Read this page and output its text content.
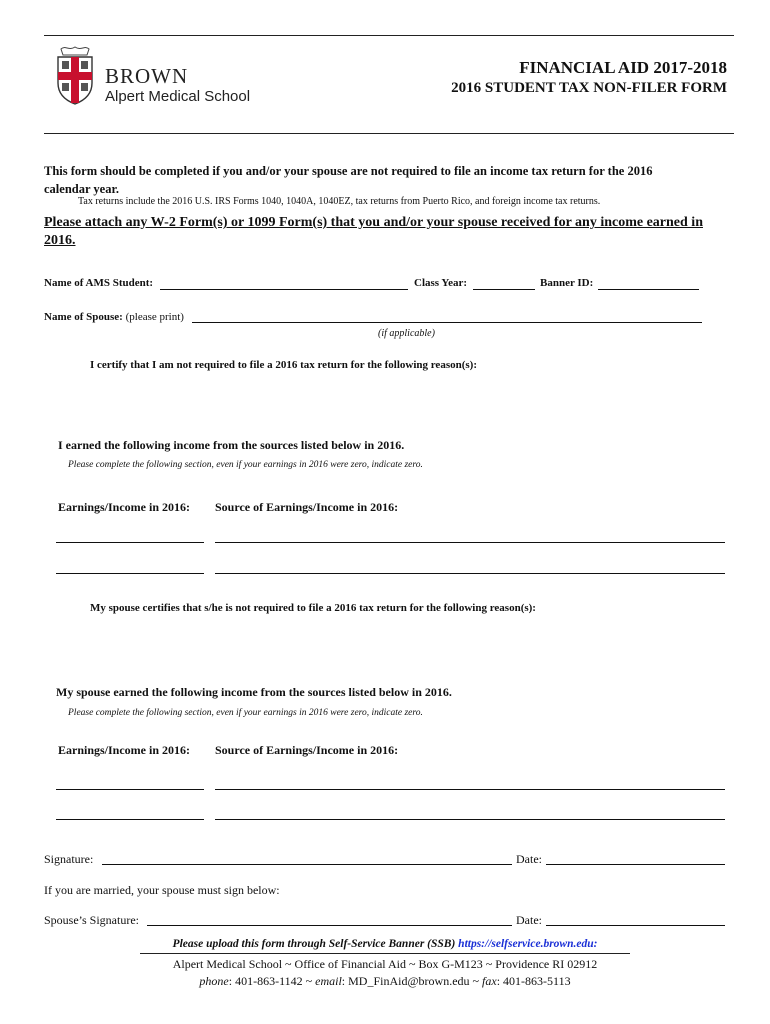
BROWN
Alpert Medical School
FINANCIAL AID 2017-2018
2016 STUDENT TAX NON-FILER FORM
This form should be completed if you and/or your spouse are not required to file an income tax return for the 2016 calendar year.
Tax returns include the 2016 U.S. IRS Forms 1040, 1040A, 1040EZ, tax returns from Puerto Rico, and foreign income tax returns.
Please attach any W-2 Form(s) or 1099 Form(s) that you and/or your spouse received for any income earned in 2016.
Name of AMS Student:	Class Year:	Banner ID:
Name of Spouse: (please print)
(if applicable)
I certify that I am not required to file a 2016 tax return for the following reason(s):
I earned the following income from the sources listed below in 2016.
Please complete the following section, even if your earnings in 2016 were zero, indicate zero.
Earnings/Income in 2016: Source of Earnings/Income in 2016:
My spouse certifies that s/he is not required to file a 2016 tax return for the following reason(s):
My spouse earned the following income from the sources listed below in 2016.
Please complete the following section, even if your earnings in 2016 were zero, indicate zero.
Earnings/Income in 2016: Source of Earnings/Income in 2016:
Signature:	Date:
If you are married, your spouse must sign below:
Spouse’s Signature:	Date:
Please upload this form through Self-Service Banner (SSB) https://selfservice.brown.edu:
Alpert Medical School ~ Office of Financial Aid ~ Box G-M123 ~ Providence RI 02912
phone: 401-863-1142 ~ email: MD_FinAid@brown.edu ~ fax: 401-863-5113
